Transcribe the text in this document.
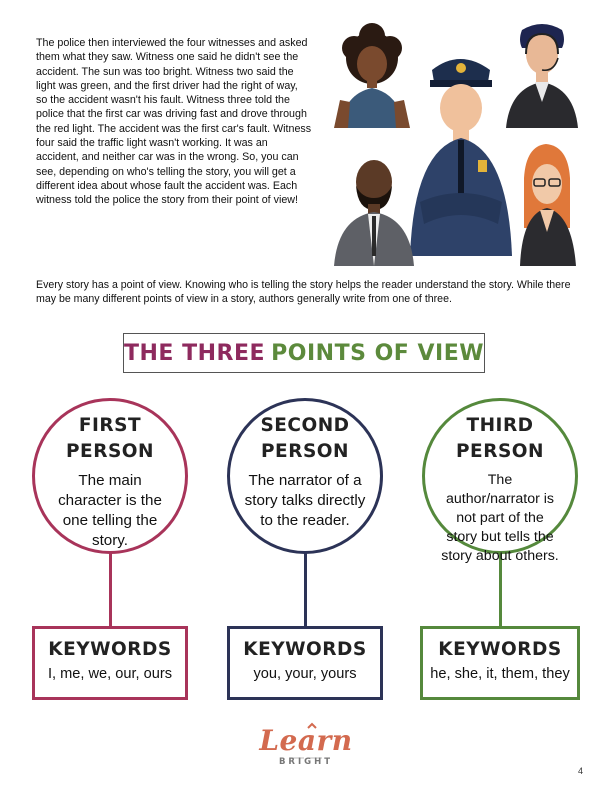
The police then interviewed the four witnesses and asked them what they saw. Witness one said he didn't see the accident. The sun was too bright. Witness two said the light was green, and the first driver had the right of way, so the accident wasn't his fault. Witness three told the police that the first car was driving fast and drove through the red light. The accident was the first car's fault. Witness four said the traffic light wasn't working. It was an accident, and neither car was in the wrong. So, you can see, depending on who's telling the story, you will get a different idea about whose fault the accident was. Each witness told the police the story from their point of view!
Every story has a point of view. Knowing who is telling the story helps the reader understand the story. While there may be many different points of view in a story, authors generally write from one of three.
THE THREE POINTS OF VIEW
FIRST
PERSON
The main character is the one telling the story.
SECOND
PERSON
The narrator of a story talks directly to the reader.
THIRD
PERSON
The author/narrator is not part of the story but tells the story about others.
KEYWORDS
I, me, we, our, ours
KEYWORDS
you, your, yours
KEYWORDS
he, she, it, them, they
Learn
BRIGHT
4
